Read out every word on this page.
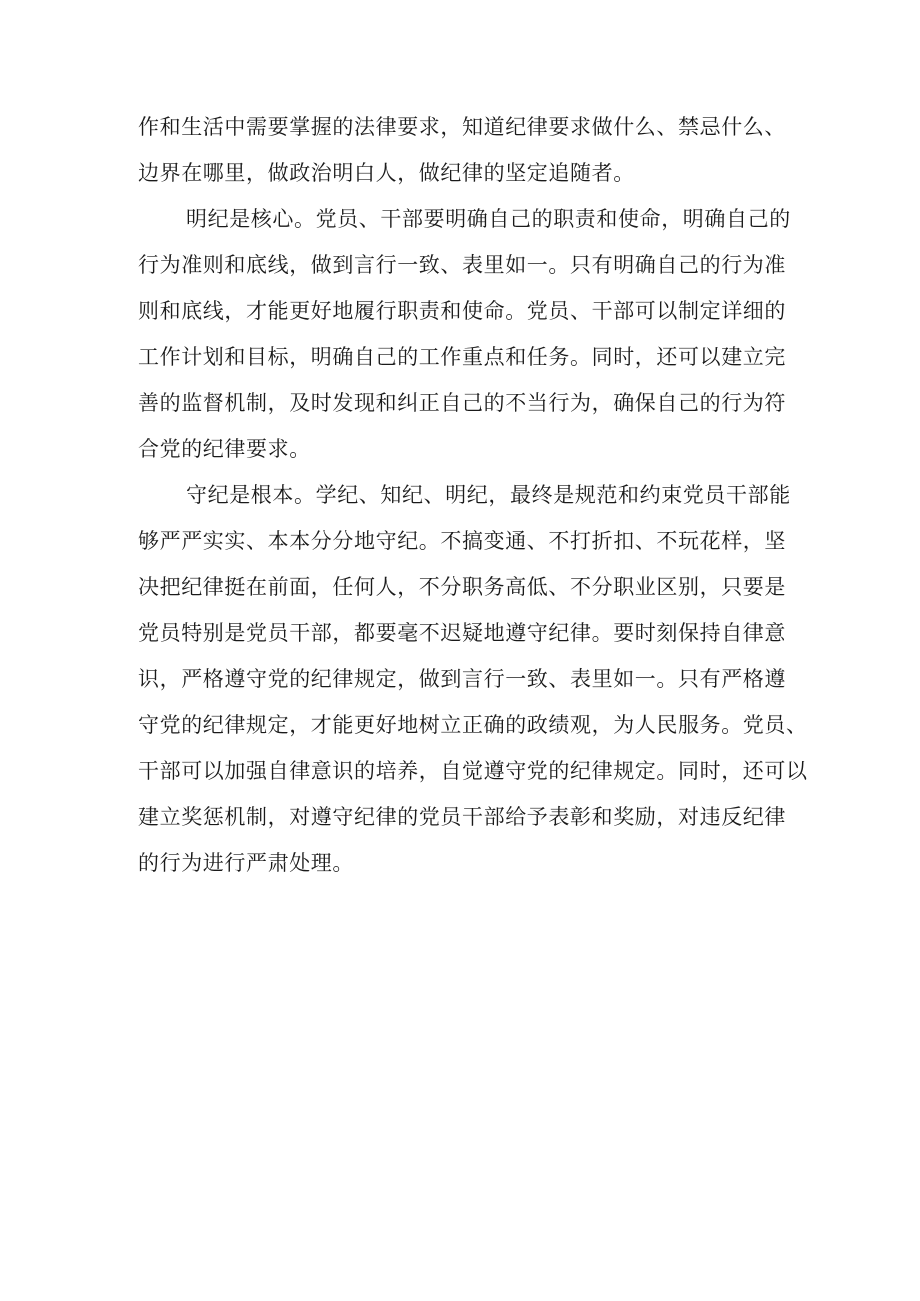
作和生活中需要掌握的法律要求，知道纪律要求做什么、禁忌什么、
边界在哪里，做政治明白人，做纪律的坚定追随者。
明纪是核心。党员、干部要明确自己的职责和使命，明确自己的
行为准则和底线，做到言行一致、表里如一。只有明确自己的行为准
则和底线，才能更好地履行职责和使命。党员、干部可以制定详细的
工作计划和目标，明确自己的工作重点和任务。同时，还可以建立完
善的监督机制，及时发现和纠正自己的不当行为，确保自己的行为符
合党的纪律要求。
守纪是根本。学纪、知纪、明纪，最终是规范和约束党员干部能
够严严实实、本本分分地守纪。不搞变通、不打折扣、不玩花样，坚
决把纪律挺在前面，任何人，不分职务高低、不分职业区别，只要是
党员特别是党员干部，都要毫不迟疑地遵守纪律。要时刻保持自律意
识，严格遵守党的纪律规定，做到言行一致、表里如一。只有严格遵
守党的纪律规定，才能更好地树立正确的政绩观，为人民服务。党员、
干部可以加强自律意识的培养，自觉遵守党的纪律规定。同时，还可以
建立奖惩机制，对遵守纪律的党员干部给予表彰和奖励，对违反纪律
的行为进行严肃处理。
